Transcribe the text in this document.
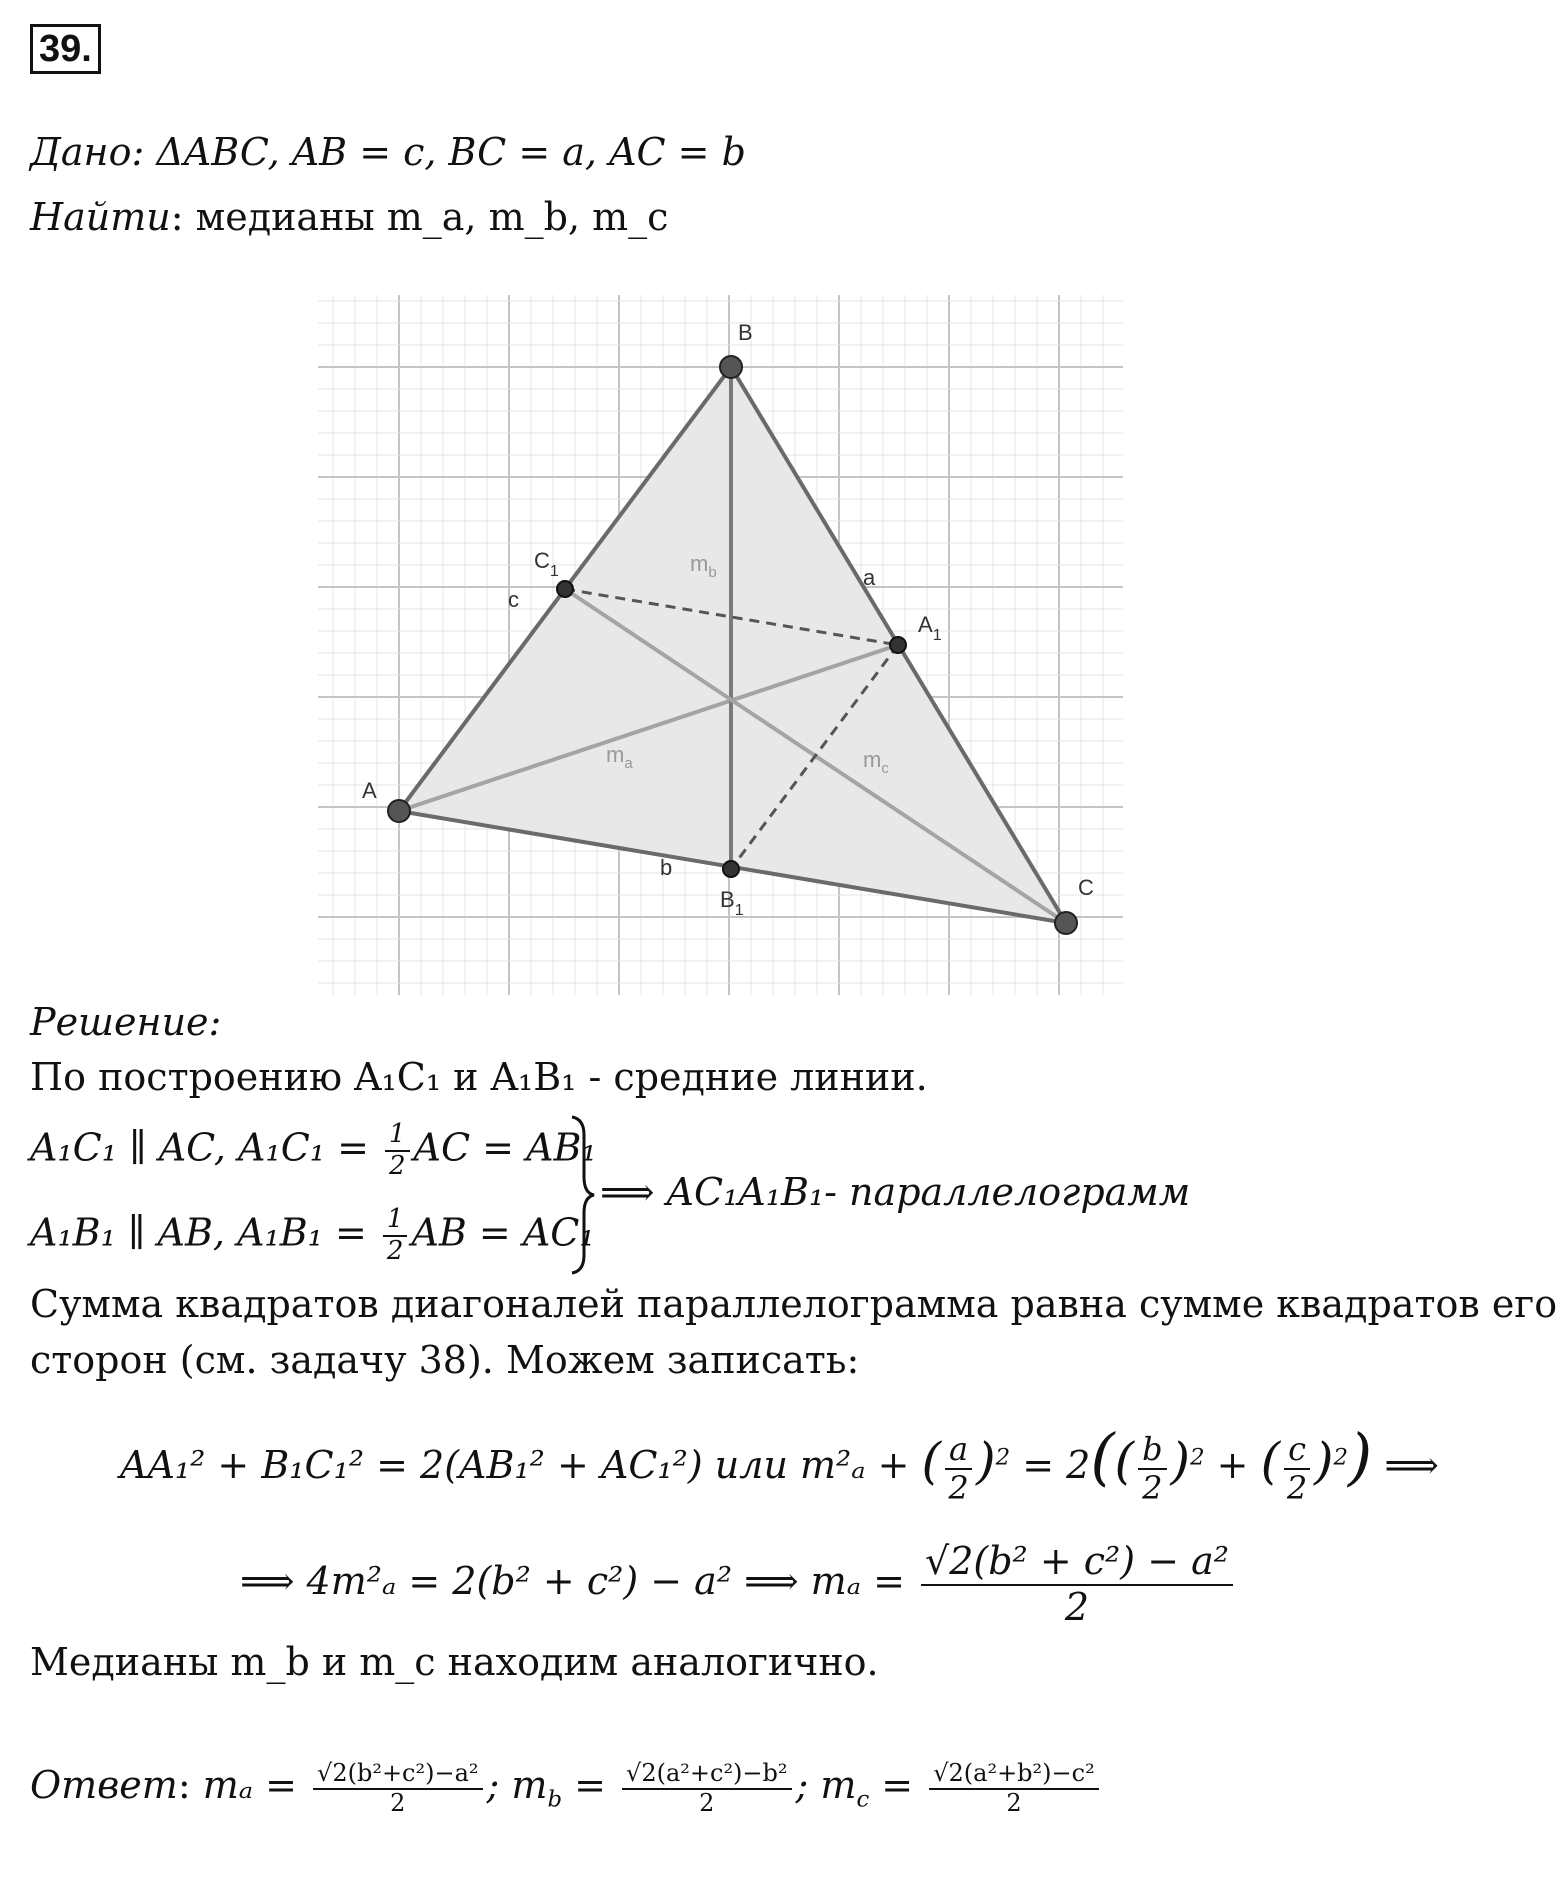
39.
Дано: ΔABC, AB = c, BC = a, AC = b
Найти: медианы m_a, m_b, m_c
A
B
C
$A_1$
$B_1$
$C_1$
c
a
b
$m_b$
$m_a$	$m_c$
Решение:
По построению A₁C₁ и A₁B₁ - средние линии.
A₁C₁ ∥ AC, $A_1C_1 = \frac{1}{2}$ AC = AB₁
A₁B₁ ∥ AB, $A_1B_1 = \frac{1}{2}$ AB = AC₁
⟹ AC₁A₁B₁- параллелограмм
Сумма квадратов диагоналей параллелограмма равна сумме квадратов его
сторон (см. задачу 38). Можем записать:
AA₁² + B₁C₁² = 2(AB₁² + AC₁²) или m²ₐ + ( $\frac{a}{2} )^2 = 2(( \frac{b}{2} )^2$ + ( $\frac{c}{2} )^2$) ⟹
⟹ 4m²ₐ = 2(b² + c²) − a² ⟹ $m_a = \frac{\text{√2(b² + c²) − a²}}{2}$
Медианы m_b и m_c находим аналогично.
Ответ: $m_a = \frac{\text{√2(b²+c²)−a²}}{2}$ ; $m_b = \frac{\text{√2(a²+c²)−b²}}{2}$ ; $m_c = \frac{\text{√2(a²+b²)−c²}}{2}$
